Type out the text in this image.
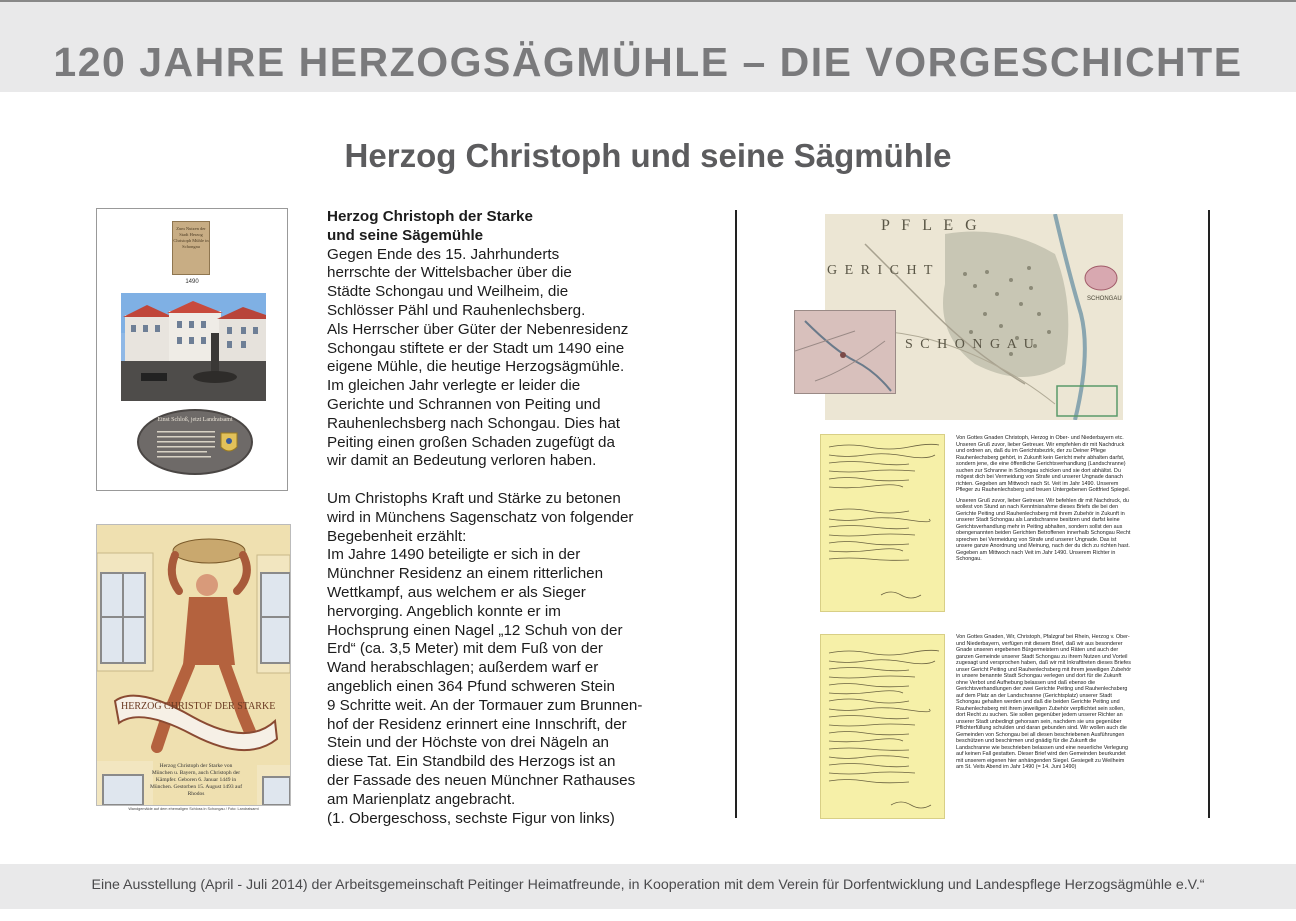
120 JAHRE HERZOGSÄGMÜHLE – DIE VORGESCHICHTE
Herzog Christoph und seine Sägmühle
Zum Nutzen der Stadt Herzog Christoph Mühle in Schongau
1490
Einst Schloß, jetzt Landratsamt
HERZOG CHRISTOF DER STARKE
Herzog Christoph der Starke von München u. Bayern, auch Christoph der Kämpfer. Geboren 6. Januar 1449 in München. Gestorben 15. August 1493 auf Rhodos
Wandgemälde auf dem ehemaligen Schloss in Schongau / Foto: Landratsamt

Herzog Christoph der Starke

und seine Sägemühle

Gegen Ende des 15. Jahrhunderts

herrschte der Wittelsbacher über die

Städte Schongau und Weilheim, die

Schlösser Pähl und Rauhenlechsberg.

Als Herrscher über Güter der Nebenresidenz

Schongau stiftete er der Stadt um 1490 eine

eigene Mühle, die heutige Herzogsägmühle.

Im gleichen Jahr verlegte er leider die

Gerichte und Schrannen von Peiting und

Rauhenlechsberg nach Schongau. Dies hat

Peiting einen großen Schaden zugefügt da

wir damit an Bedeutung verloren haben.

Um Christophs Kraft und Stärke zu betonen

wird in Münchens Sagenschatz von folgender

Begebenheit erzählt:

Im Jahre 1490 beteiligte er sich in der

Münchner Residenz an einem ritterlichen

Wettkampf, aus welchem er als Sieger

hervorging. Angeblich konnte er im

Hochsprung einen Nagel „12 Schuh von der

Erd“ (ca. 3,5 Meter) mit dem Fuß von der

Wand herabschlagen; außerdem warf er

angeblich einen 364 Pfund schweren Stein

9 Schritte weit. An der Tormauer zum Brunnen-

hof der Residenz erinnert eine Innschrift, der

Stein und der Höchste von drei Nägeln an

diese Tat. Ein Standbild des Herzogs ist an

der Fassade des neuen Münchner Rathauses

am Marienplatz angebracht.

(1. Obergeschoss, sechste Figur von links)

P F L E G
G E R I C H T
S C H O N G A U
SCHONGAU

Von Gottes Gnaden Christoph, Herzog in Ober- und Niederbayern etc. Unseren Gruß zuvor, lieber Getreuer. Wir empfehlen dir mit Nachdruck und ordnen an, daß du im Gerichtsbezirk, der zu Deiner Pflege Rauhenlechsberg gehört, in Zukunft kein Gericht mehr abhalten darfst, sondern jene, die eine öffentliche Gerichtsverhandlung (Landschranne) suchen zur Schranne in Schongau schicken und sie dort abhältst. Du mögest dich bei Vermeidung von Strafe und unserer Ungnade danach richten. Gegeben am Mittwoch nach St. Veit im Jahr 1490. Unserem Pfleger zu Rauhenlechsberg und treuen Untergebenen Gottfried Spiegel.

Unseren Gruß zuvor, lieber Getreuer. Wir befehlen dir mit Nachdruck, du wollest von Stund an nach Kenntnisnahme dieses Briefs die bei den Gerichte Peiting und Rauhenlechsberg mit ihrem Zubehör in Zukunft in unserer Stadt Schongau als Landschranne besitzen und darfst keine Gerichtsverhandlung mehr in Peiting abhalten, sondern sollst den aus obengenannten beiden Gerichten Betroffenen innerhalb Schongau Recht sprechen bei Vermeidung von Strafe und unserer Ungnade. Das ist unsere ganze Anordnung und Meinung, nach der du dich zu richten hast. Gegeben am Mittwoch nach Veit im Jahr 1490. Unserem Richter in Schongau.

Von Gottes Gnaden, Wir, Christoph, Pfalzgraf bei Rhein, Herzog v. Ober- und Niederbayern, verfügen mit diesem Brief, daß wir aus besonderer Gnade unseren ergebenen Bürgermeistern und Räten und auch der ganzen Gemeinde unserer Stadt Schongau zu ihrem Nutzen und Vorteil zugesagt und versprochen haben, daß wir mit Inkrafttreten dieses Briefes unser Gericht Peiting und Rauhenlechsberg mit ihrem jeweiligen Zubehör in unsere benannte Stadt Schongau verlegen und dort für die Zukunft ohne Verbot und Aufhebung belassen und daß ebenso die Gerichtsverhandlungen der zwei Gerichte Peiting und Rauhenlechsberg auf dem Platz an der Landschranne (Gerichtsplatz) unserer Stadt Schongau gehalten werden und daß die beiden Gerichte Peiting und Rauhenlechsberg mit ihrem jeweiligen Zubehör verpflichtet sein sollen, dort Recht zu suchen. Sie sollen gegenüber jedem unserer Richter an unserer Stadt unbedingt gehorsam sein, nachdem sie uns gegenüber Pflichterfüllung schulden und daran gebunden sind. Wir wollen auch die Gemeinden von Schongau bei all diesen beschriebenen Ausführungen beschützen und beschirmen und gnädig für die Zukunft die Landschranne wie beschrieben belassen und eine neuerliche Verlegung auf keinen Fall gestatten. Dieser Brief wird den Gemeinden beurkundet mit unserem eigenen hier anhängenden Siegel. Gesiegelt zu Weilheim am St. Veits Abend im Jahr 1490 (= 14. Juni 1490)

Eine Ausstellung (April - Juli 2014) der Arbeitsgemeinschaft Peitinger Heimatfreunde, in Kooperation mit dem Verein für Dorfentwicklung und Landespflege Herzogsägmühle e.V.“
